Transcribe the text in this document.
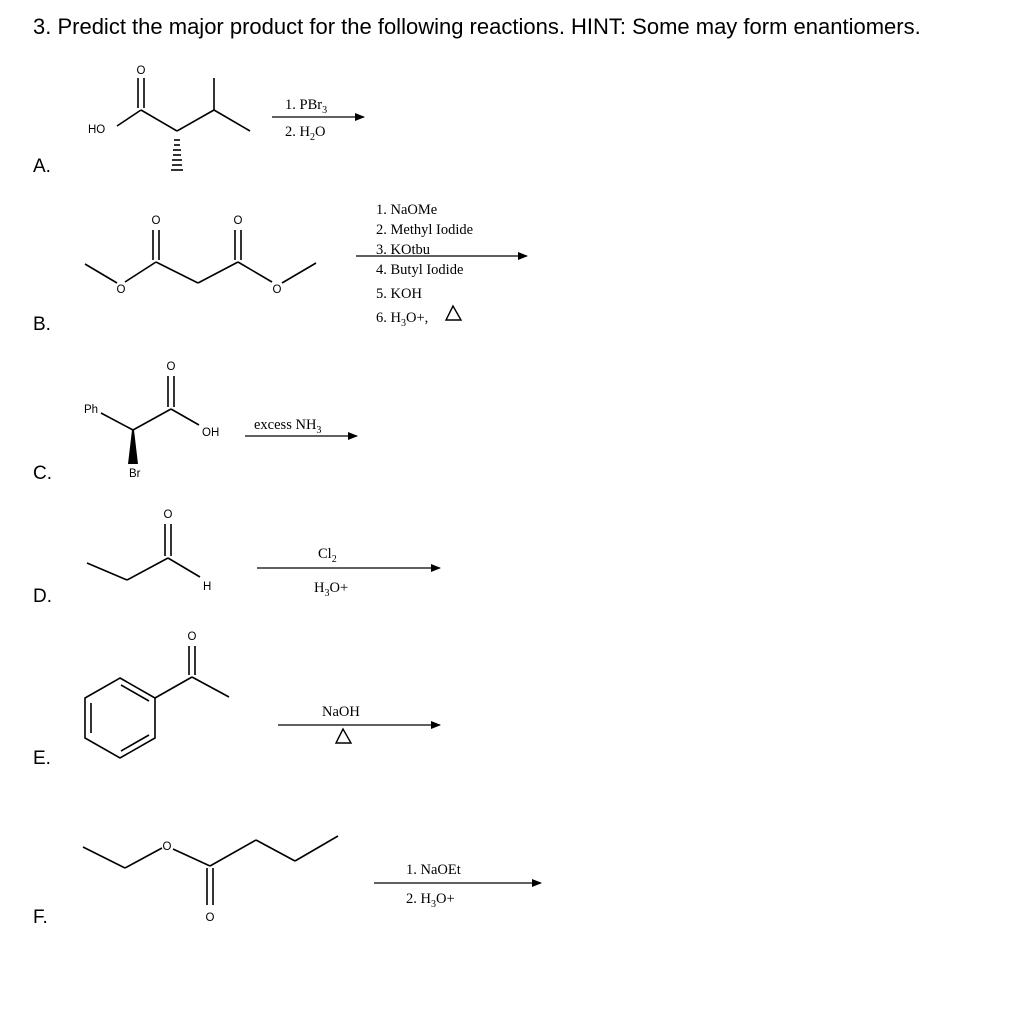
3. Predict the major product for the following reactions. HINT: Some may form enantiomers.
A.
B.
C.
D.
E.
F.
O
HO
1. PBr$_3$
2. $H_2O$
O	O
O	O
1. NaOMe
2. Methyl Iodide
3. KOtbu
4. Butyl Iodide
5. KOH
6. $H_3O+$,
O
Ph
OH
Br
excess $NH_3$
O
H
$Cl_2$
$H_3O+$
O
NaOH
O
O
1. NaOEt
2. $H_3O+$
